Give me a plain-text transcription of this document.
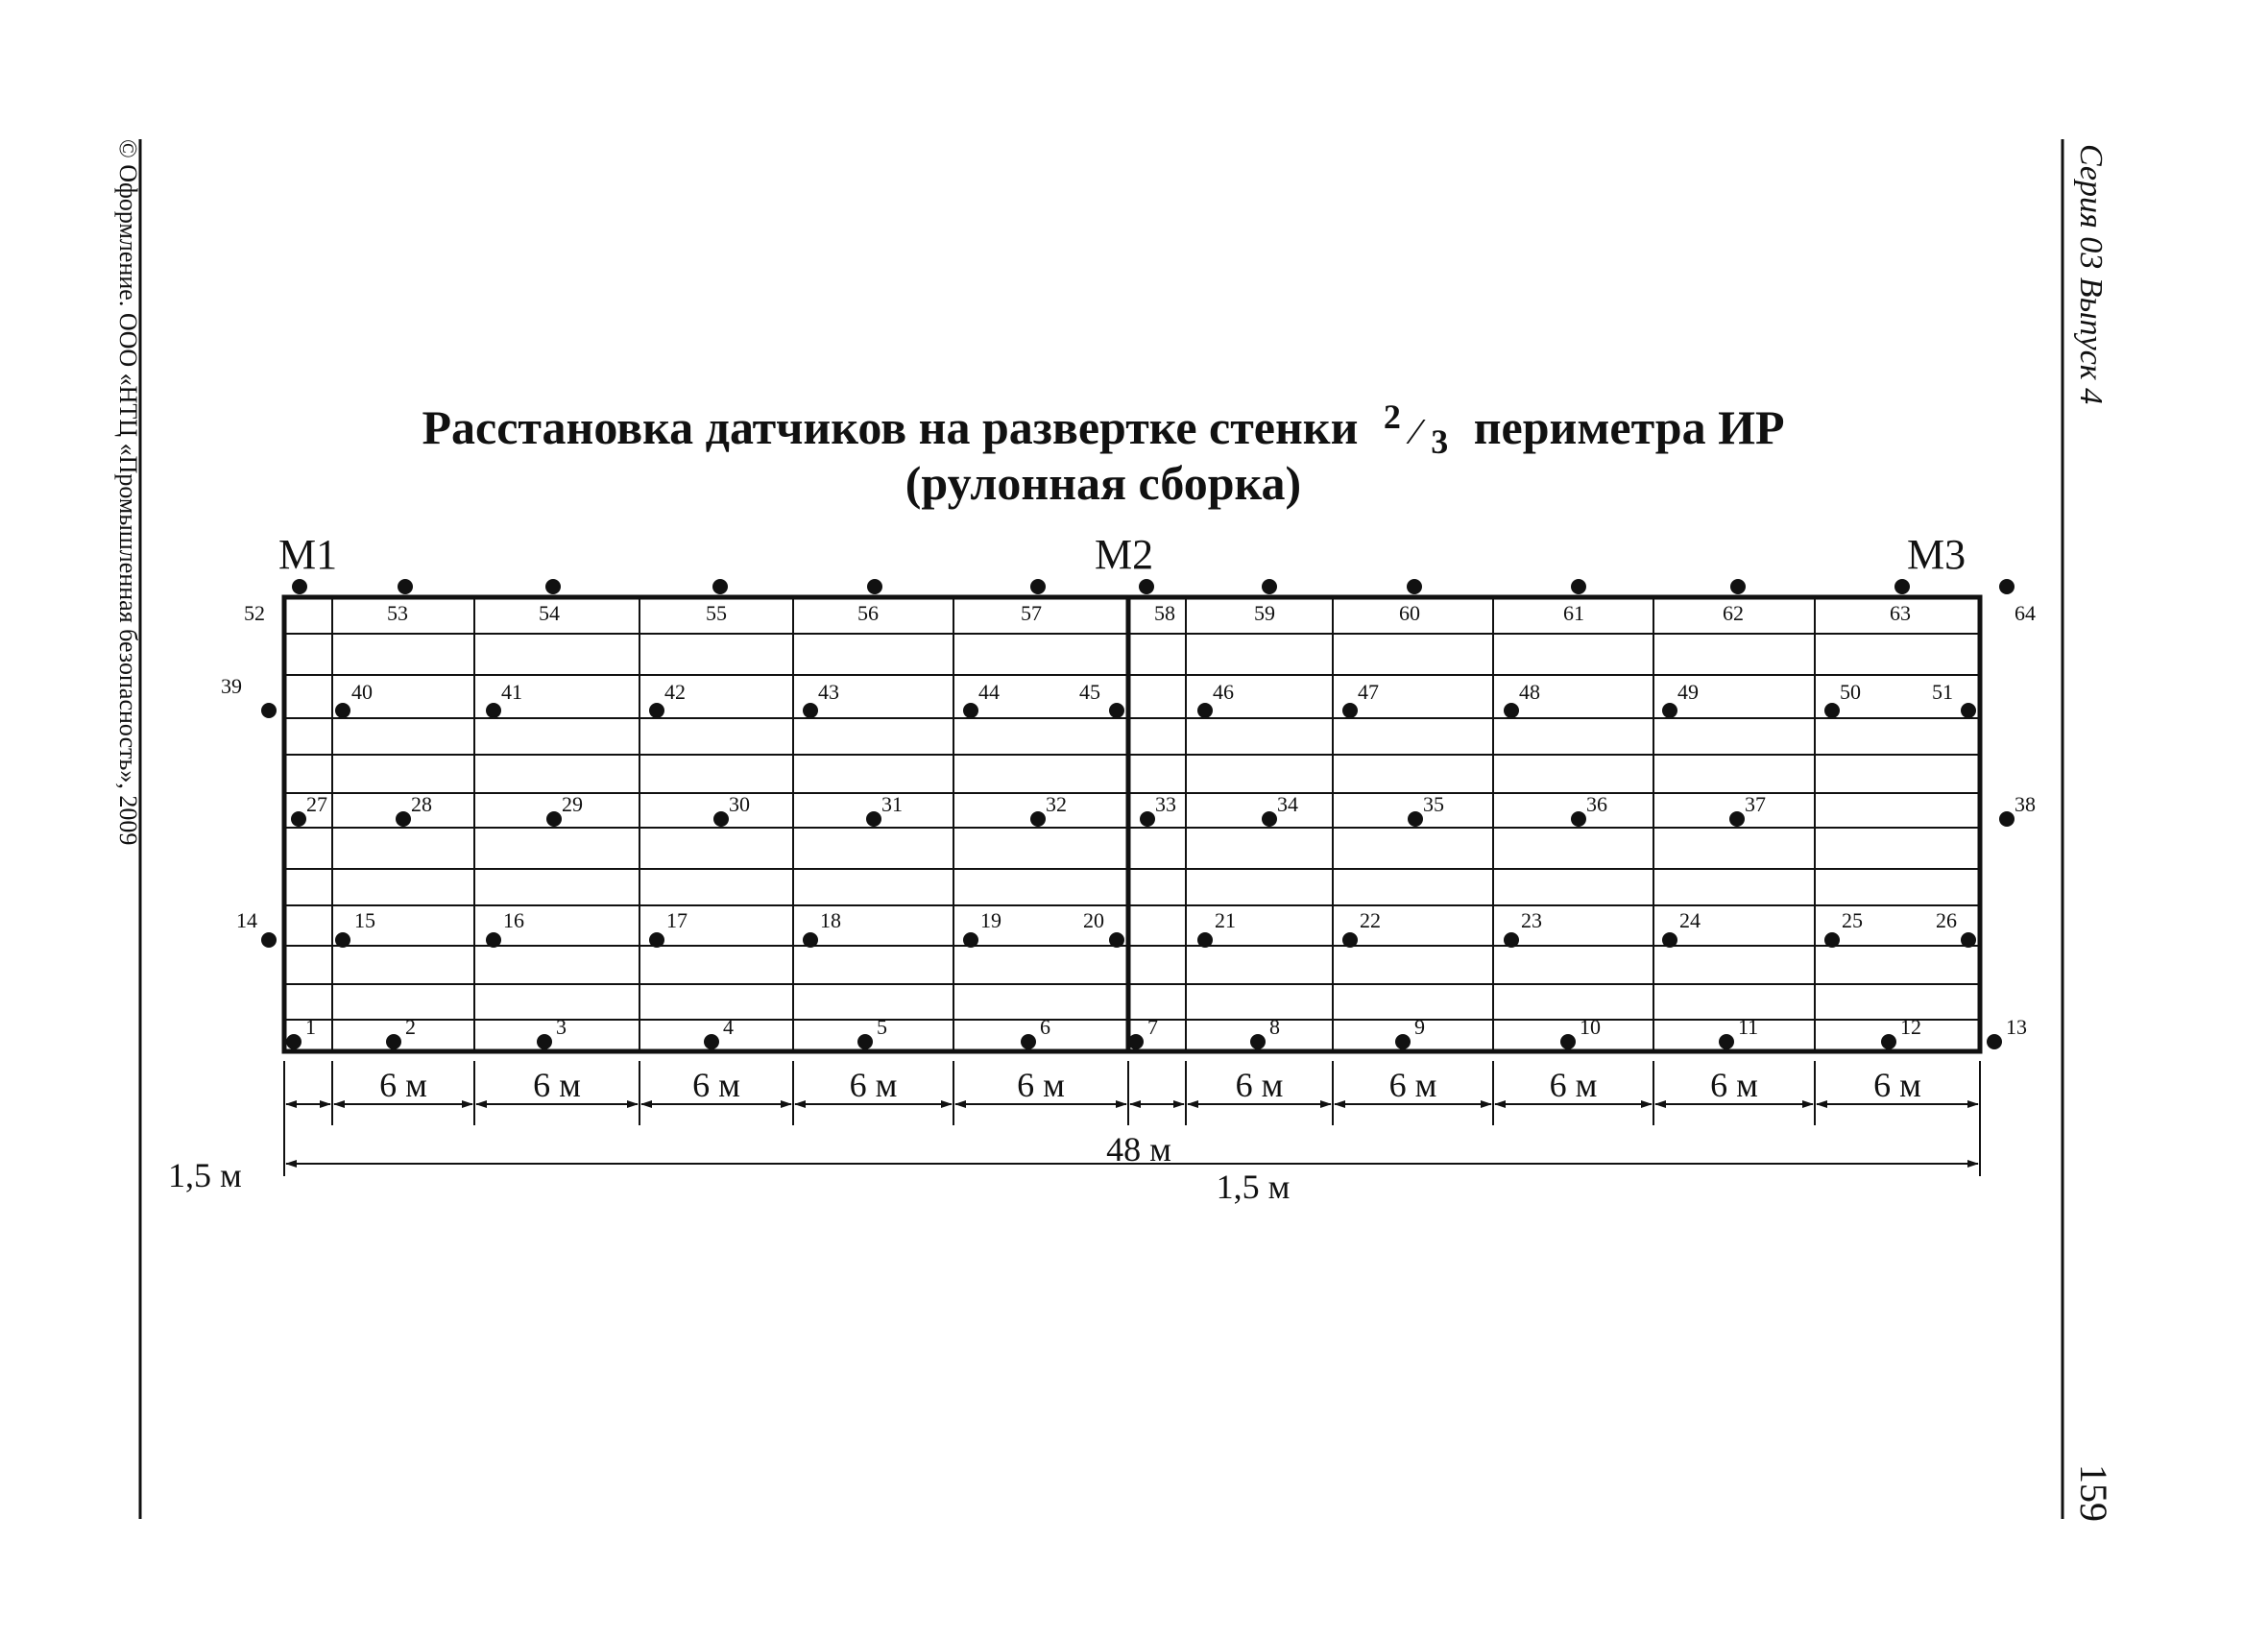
© Оформление. ООО «НТЦ «Промышленная безопасность», 2009	Серия 03 Выпуск 4
159
Расстановка датчиков на развертке стенки $^2$ $_⁄$ $_3$ периметра ИР
(рулонная сборка)
М1	М2	М3
52	53	54	55	56	57	58	59	60	61	62	63	64
39	40	41	42	43	44	45	46	47	48	49	50	51
27	28	29	30	31	32	33	34	35	36	37	38
14	15	16	17	18	19	20	21	22	23	24	25	26
1	2	3	4	5	6	7	8	9	10	11	12	13
6 м	6 м	6 м	6 м	6 м	6 м	6 м	6 м	6 м	6 м
48 м
1,5 м	1,5 м
